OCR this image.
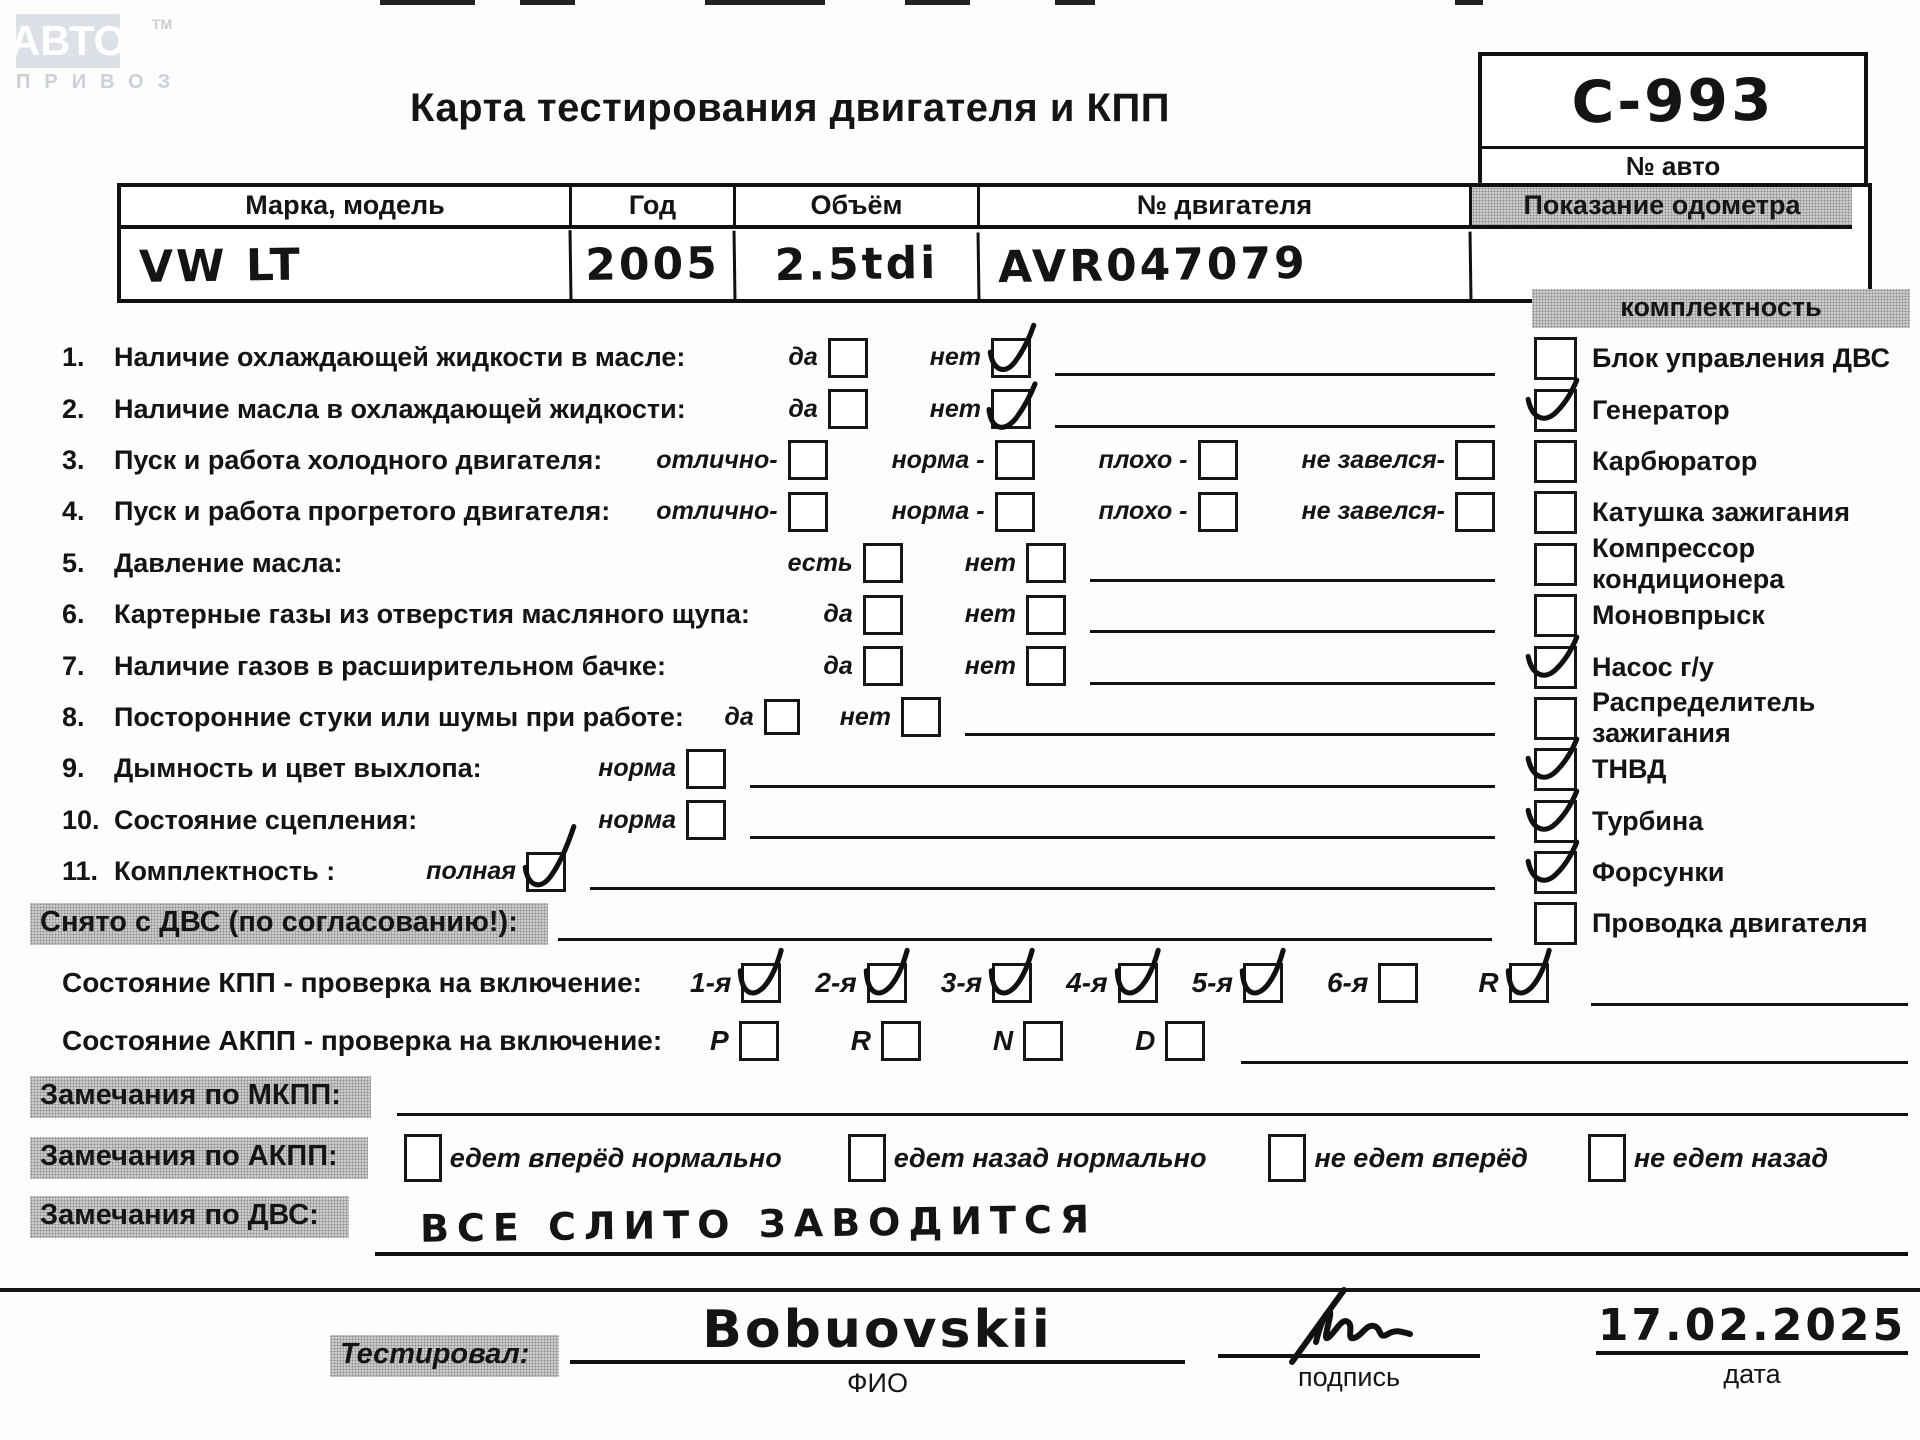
АВТО TM
ПРИВОЗ
Карта тестирования двигателя и КПП	С-993
№ авто
Марка, модель	Год	Объём	№ двигателя	Показание одометра
VW LT	2005	2.5tdi	AVR047079
1.	Наличие охлаждающей жидкости в масле:	да	нет
2.	Наличие масла в охлаждающей жидкости:	да	нет
3.	Пуск и работа холодного двигателя: отлично-	норма -	плохо -	не завелся-
4.	Пуск и работа прогретого двигателя: отлично-	норма -	плохо -	не завелся-
5.	Давление масла:	есть	нет
6.	Картерные газы из отверстия масляного щупа:	да	нет
7.	Наличие газов в расширительном бачке:	да	нет
8.	Посторонние стуки или шумы при работе: да	нет
9.	Дымность и цвет выхлопа:	норма
10. Состояние сцепления:	норма
11. Комплектность :	полная
комплектность
Блок управления ДВС
Генератор
Карбюратор
Катушка зажигания
Компрессор кондиционера
Моновпрыск
Насос г/у
Распределитель зажигания
ТНВД
Турбина
Форсунки
Проводка двигателя
Снято с ДВС (по согласованию!):
Состояние КПП - проверка на включение:	1-я	2-я	3-я	4-я	5-я	6-я	R
Состояние АКПП - проверка на включение:	P	R	N	D
Замечания по МКПП:
Замечания по АКПП:	едет вперёд нормально	едет назад нормально	не едет вперёд	не едет назад
Замечания по ДВС:	ВСЕ СЛИТО ЗАВОДИТСЯ
Тестировал:	Bobuovskii
ФИО	подпись
17.02.2025
дата
